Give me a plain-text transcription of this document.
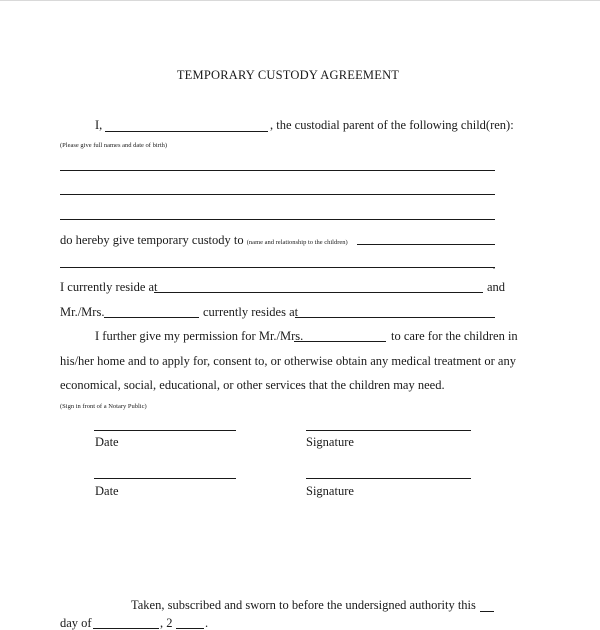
TEMPORARY CUSTODY AGREEMENT
I,	, the custodial parent of the following child(ren):
(Please give full names and date of birth)
do hereby give temporary custody to (name and relationship to the children)
.
I currently reside at	and
Mr./Mrs.	currently resides at
I further give my permission for Mr./Mrs.	to care for the children in
his/her home and to apply for, consent to, or otherwise obtain any medical treatment or any
economical, social, educational, or other services that the children may need.
(Sign in front of a Notary Public)
Date	Signature
Date	Signature
Taken, subscribed and sworn to before the undersigned authority this
day of	, 2	.
